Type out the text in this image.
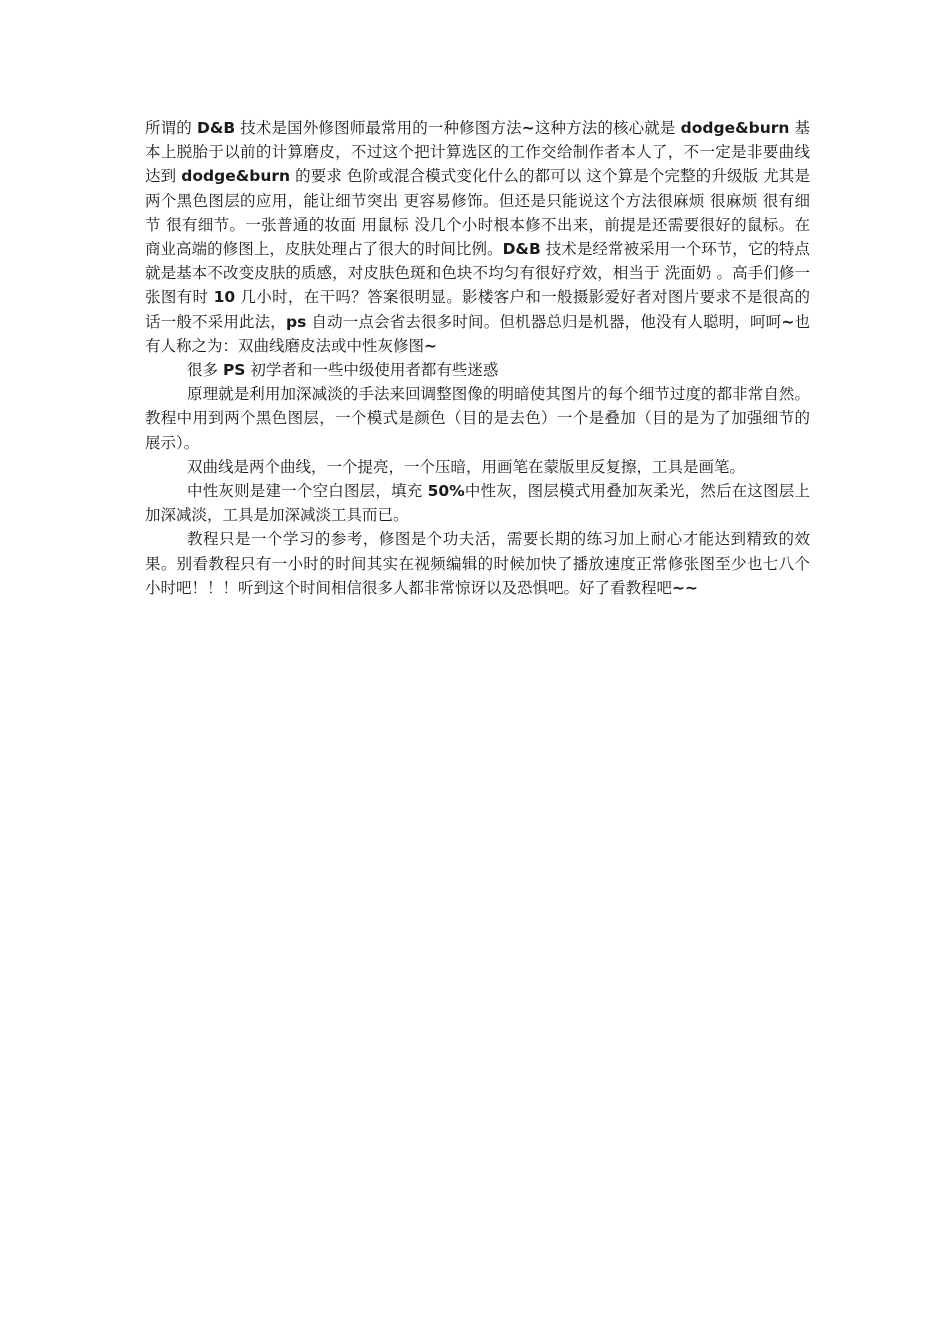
所谓的 D&B 技术是国外修图师最常用的一种修图方法~这种方法的核心就是 dodge&burn 基本上脱胎于以前的计算磨皮，不过这个把计算选区的工作交给制作者本人了，不一定是非要曲线达到 dodge&burn 的要求 色阶或混合模式变化什么的都可以 这个算是个完整的升级版 尤其是两个黑色图层的应用，能让细节突出 更容易修饰。但还是只能说这个方法很麻烦 很麻烦 很有细节 很有细节。一张普通的妆面 用鼠标 没几个小时根本修不出来，前提是还需要很好的鼠标。在商业高端的修图上，皮肤处理占了很大的时间比例。D&B 技术是经常被采用一个环节，它的特点就是基本不改变皮肤的质感，对皮肤色斑和色块不均匀有很好疗效，相当于 洗面奶 。高手们修一张图有时 10 几小时，在干吗？答案很明显。影楼客户和一般摄影爱好者对图片要求不是很高的话一般不采用此法，ps 自动一点会省去很多时间。但机器总归是机器，他没有人聪明，呵呵~也有人称之为：双曲线磨皮法或中性灰修图~

很多 PS 初学者和一些中级使用者都有些迷惑

原理就是利用加深减淡的手法来回调整图像的明暗使其图片的每个细节过度的都非常自然。教程中用到两个黑色图层，一个模式是颜色（目的是去色）一个是叠加（目的是为了加强细节的展示）。

双曲线是两个曲线，一个提亮，一个压暗，用画笔在蒙版里反复擦，工具是画笔。

中性灰则是建一个空白图层，填充 50%中性灰，图层模式用叠加灰柔光，然后在这图层上加深减淡，工具是加深减淡工具而已。

教程只是一个学习的参考，修图是个功夫活，需要长期的练习加上耐心才能达到精致的效果。别看教程只有一小时的时间其实在视频编辑的时候加快了播放速度正常修张图至少也七八个小时吧！！！听到这个时间相信很多人都非常惊讶以及恐惧吧。好了看教程吧~~
